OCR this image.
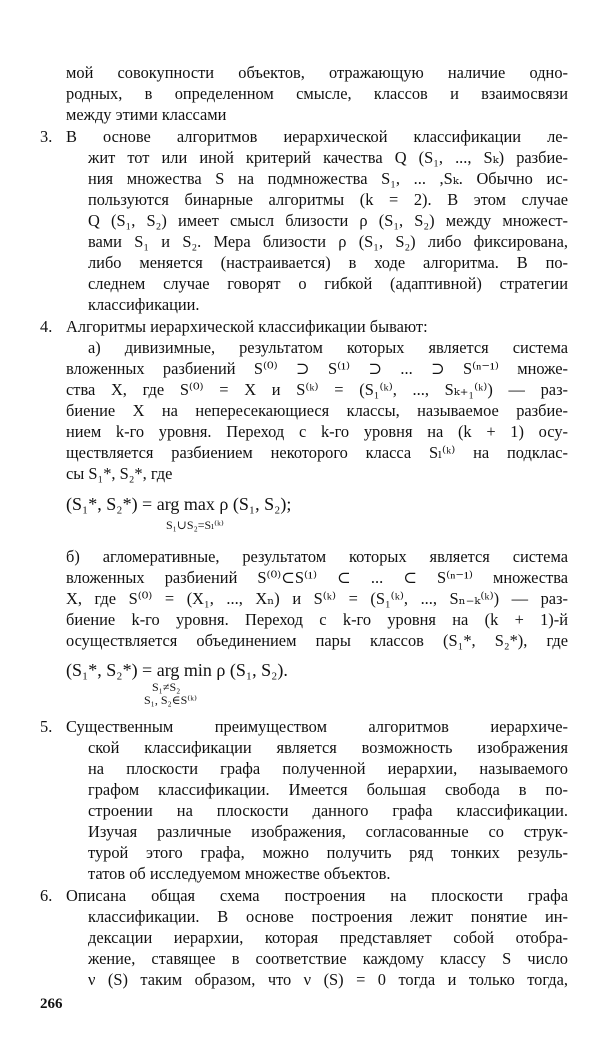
мой совокупности объектов, отражающую наличие одно-
родных, в определенном смысле, классов и взаимосвязи
между этими классами
3. В основе алгоритмов иерархической классификации ле-
жит тот или иной критерий качества Q (S₁, ..., Sₖ) разбие-
ния множества S на подмножества S₁, ... ,Sₖ. Обычно ис-
пользуются бинарные алгоритмы (k = 2). В этом случае
Q (S₁, S₂) имеет смысл близости ρ (S₁, S₂) между множест-
вами S₁ и S₂. Мера близости ρ (S₁, S₂) либо фиксирована,
либо меняется (настраивается) в ходе алгоритма. В по-
следнем случае говорят о гибкой (адаптивной) стратегии
классификации.
4. Алгоритмы иерархической классификации бывают:
а) дивизимные, результатом которых является система
вложенных разбиений S⁽⁰⁾ ⊃ S⁽¹⁾ ⊃ ... ⊃ S⁽ⁿ⁻¹⁾ множе-
ства X, где S⁽⁰⁾ = X и S⁽ᵏ⁾ = (S₁⁽ᵏ⁾, ..., Sₖ₊₁⁽ᵏ⁾) — раз-
биение X на непересекающиеся классы, называемое разбие-
нием k-го уровня. Переход с k-го уровня на (k + 1) осу-
ществляется разбиением некоторого класса Sₗ⁽ᵏ⁾ на подклас-
сы S₁*, S₂*, где
(S₁*, S₂*) = arg max ρ (S₁, S₂);
S₁∪S₂=Sₗ⁽ᵏ⁾
б) агломеративные, результатом которых является система
вложенных разбиений S⁽⁰⁾⊂S⁽¹⁾ ⊂ ... ⊂ S⁽ⁿ⁻¹⁾ множества
X, где S⁽⁰⁾ = (X₁, ..., Xₙ) и S⁽ᵏ⁾ = (S₁⁽ᵏ⁾, ..., Sₙ₋ₖ⁽ᵏ⁾) — раз-
биение k-го уровня. Переход с k-го уровня на (k + 1)-й
осуществляется объединением пары классов (S₁*, S₂*), где
(S₁*, S₂*) = arg min ρ (S₁, S₂).
S₁≠S₂
S₁, S₂∈S⁽ᵏ⁾
5. Существенным преимуществом алгоритмов иерархиче-
ской классификации является возможность изображения
на плоскости графа полученной иерархии, называемого
графом классификации. Имеется большая свобода в по-
строении на плоскости данного графа классификации.
Изучая различные изображения, согласованные со струк-
турой этого графа, можно получить ряд тонких резуль-
татов об исследуемом множестве объектов.
6. Описана общая схема построения на плоскости графа
классификации. В основе построения лежит понятие ин-
дексации иерархии, которая представляет собой отобра-
жение, ставящее в соответствие каждому классу S число
ν (S) таким образом, что ν (S) = 0 тогда и только тогда,
266
